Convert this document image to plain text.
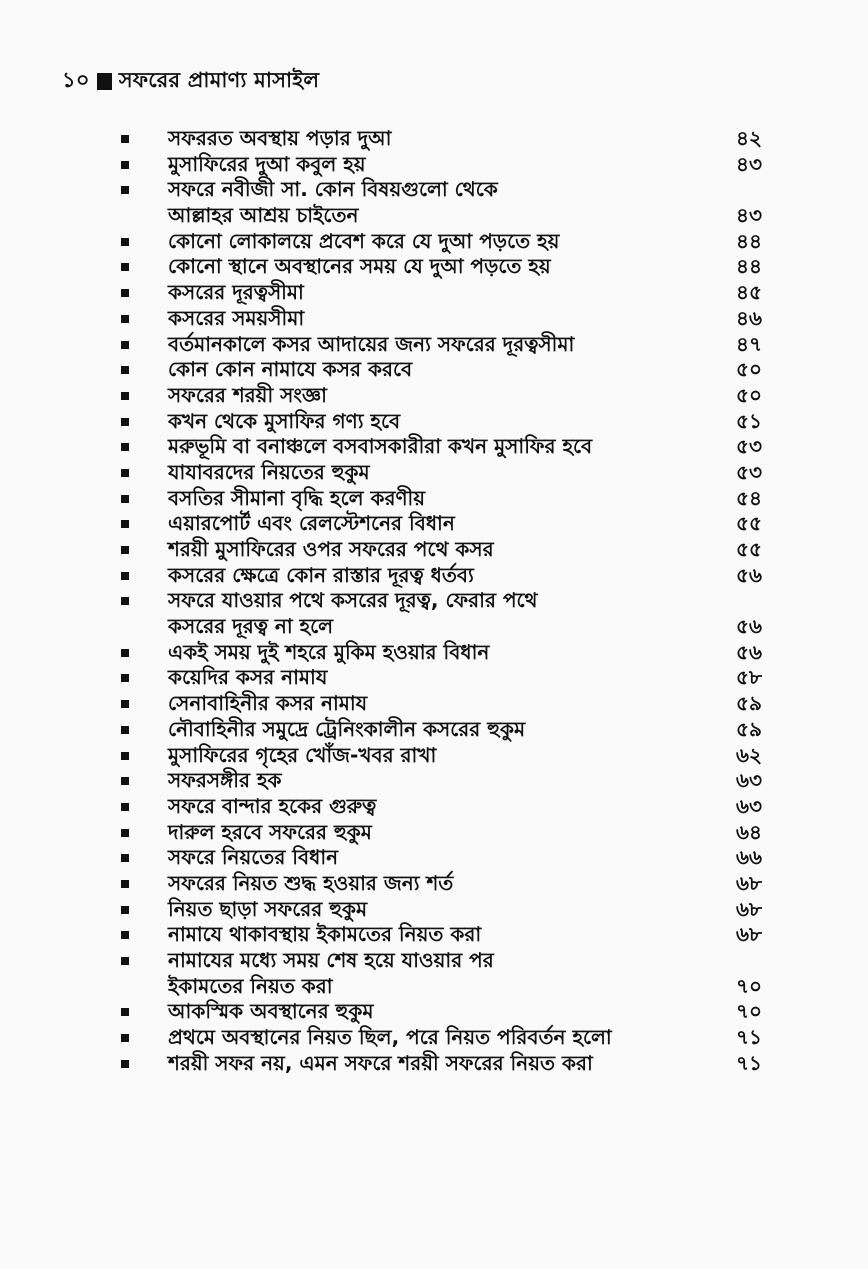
১০ সফরের প্রামাণ্য মাসাইল
সফররত অবস্থায় পড়ার দুআ	৪২
মুসাফিরের দুআ কবুল হয়	৪৩
সফরে নবীজী সা. কোন বিষয়গুলো থেকে
আল্লাহর আশ্রয় চাইতেন	৪৩
কোনো লোকালয়ে প্রবেশ করে যে দুআ পড়তে হয়	৪৪
কোনো স্থানে অবস্থানের সময় যে দুআ পড়তে হয়	৪৪
কসরের দূরত্বসীমা	৪৫
কসরের সময়সীমা	৪৬
বর্তমানকালে কসর আদায়ের জন্য সফরের দূরত্বসীমা	৪৭
কোন কোন নামাযে কসর করবে	৫০
সফরের শরয়ী সংজ্ঞা	৫০
কখন থেকে মুসাফির গণ্য হবে	৫১
মরুভূমি বা বনাঞ্চলে বসবাসকারীরা কখন মুসাফির হবে	৫৩
যাযাবরদের নিয়তের হুকুম	৫৩
বসতির সীমানা বৃদ্ধি হলে করণীয়	৫৪
এয়ারপোর্ট এবং রেলস্টেশনের বিধান	৫৫
শরয়ী মুসাফিরের ওপর সফরের পথে কসর	৫৫
কসরের ক্ষেত্রে কোন রাস্তার দূরত্ব ধর্তব্য	৫৬
সফরে যাওয়ার পথে কসরের দূরত্ব, ফেরার পথে
কসরের দূরত্ব না হলে	৫৬
একই সময় দুই শহরে মুকিম হওয়ার বিধান	৫৬
কয়েদির কসর নামায	৫৮
সেনাবাহিনীর কসর নামায	৫৯
নৌবাহিনীর সমুদ্রে ট্রেনিংকালীন কসরের হুকুম	৫৯
মুসাফিরের গৃহের খোঁজ-খবর রাখা	৬২
সফরসঙ্গীর হক	৬৩
সফরে বান্দার হকের গুরুত্ব	৬৩
দারুল হরবে সফরের হুকুম	৬৪
সফরে নিয়তের বিধান	৬৬
সফরের নিয়ত শুদ্ধ হওয়ার জন্য শর্ত	৬৮
নিয়ত ছাড়া সফরের হুকুম	৬৮
নামাযে থাকাবস্থায় ইকামতের নিয়ত করা	৬৮
নামাযের মধ্যে সময় শেষ হয়ে যাওয়ার পর
ইকামতের নিয়ত করা	৭০
আকস্মিক অবস্থানের হুকুম	৭০
প্রথমে অবস্থানের নিয়ত ছিল, পরে নিয়ত পরিবর্তন হলো	৭১
শরয়ী সফর নয়, এমন সফরে শরয়ী সফরের নিয়ত করা	৭১
